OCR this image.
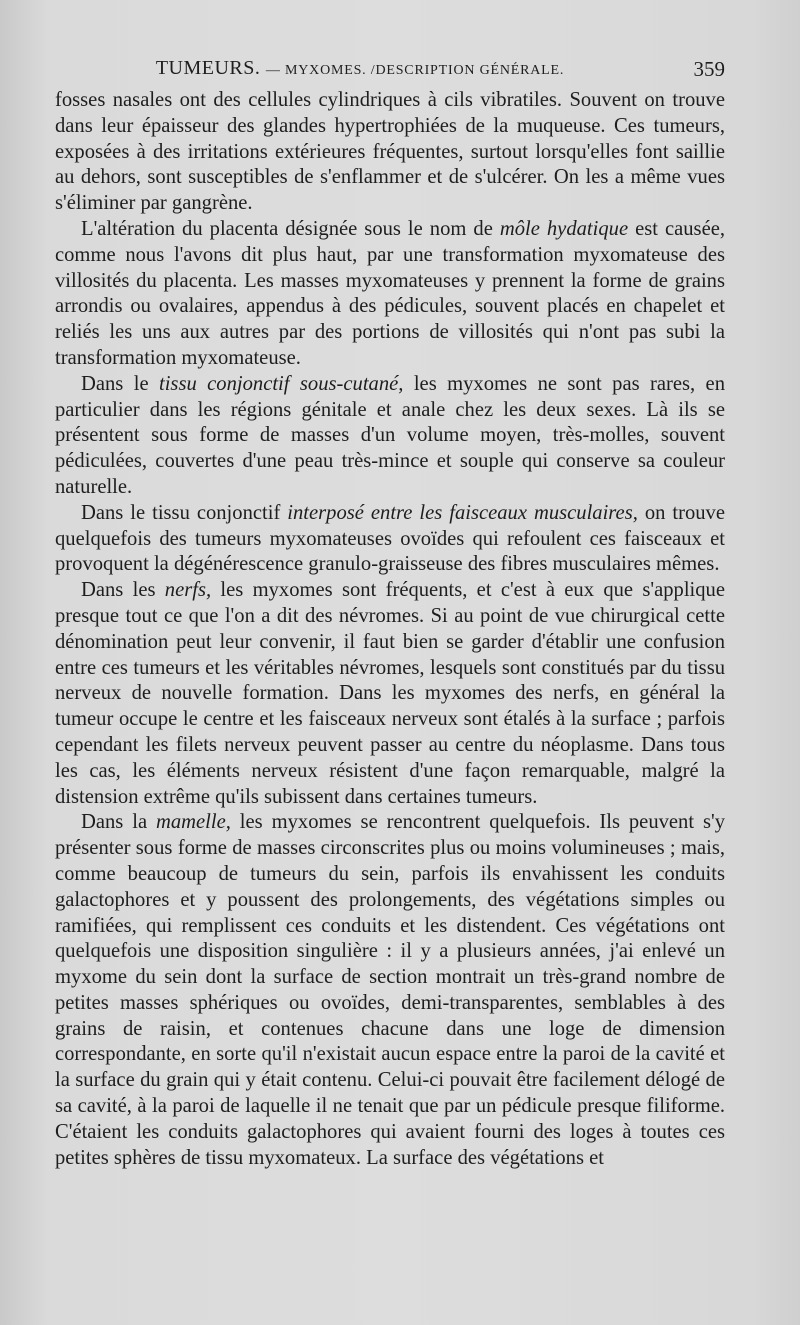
TUMEURS. — MYXOMES. /DESCRIPTION GÉNÉRALE.	359

fosses nasales ont des cellules cylindriques à cils vibratiles. Souvent on trouve dans leur épaisseur des glandes hypertrophiées de la muqueuse. Ces tumeurs, exposées à des irritations extérieures fréquentes, surtout lorsqu'elles font saillie au dehors, sont susceptibles de s'enflammer et de s'ulcérer. On les a même vues s'éliminer par gangrène.

L'altération du placenta désignée sous le nom de môle hydatique est causée, comme nous l'avons dit plus haut, par une transformation myxomateuse des villosités du placenta. Les masses myxomateuses y prennent la forme de grains arrondis ou ovalaires, appendus à des pédicules, souvent placés en chapelet et reliés les uns aux autres par des portions de villosités qui n'ont pas subi la transformation myxomateuse.

Dans le tissu conjonctif sous-cutané, les myxomes ne sont pas rares, en particulier dans les régions génitale et anale chez les deux sexes. Là ils se présentent sous forme de masses d'un volume moyen, très-molles, souvent pédiculées, couvertes d'une peau très-mince et souple qui conserve sa couleur naturelle.

Dans le tissu conjonctif interposé entre les faisceaux musculaires, on trouve quelquefois des tumeurs myxomateuses ovoïdes qui refoulent ces faisceaux et provoquent la dégénérescence granulo-graisseuse des fibres musculaires mêmes.

Dans les nerfs, les myxomes sont fréquents, et c'est à eux que s'applique presque tout ce que l'on a dit des névromes. Si au point de vue chirurgical cette dénomination peut leur convenir, il faut bien se garder d'établir une confusion entre ces tumeurs et les véritables névromes, lesquels sont constitués par du tissu nerveux de nouvelle formation. Dans les myxomes des nerfs, en général la tumeur occupe le centre et les faisceaux nerveux sont étalés à la surface ; parfois cependant les filets nerveux peuvent passer au centre du néoplasme. Dans tous les cas, les éléments nerveux résistent d'une façon remarquable, malgré la distension extrême qu'ils subissent dans certaines tumeurs.

Dans la mamelle, les myxomes se rencontrent quelquefois. Ils peuvent s'y présenter sous forme de masses circonscrites plus ou moins volumineuses ; mais, comme beaucoup de tumeurs du sein, parfois ils envahissent les conduits galactophores et y poussent des prolongements, des végétations simples ou ramifiées, qui remplissent ces conduits et les distendent. Ces végétations ont quelquefois une disposition singulière : il y a plusieurs années, j'ai enlevé un myxome du sein dont la surface de section montrait un très-grand nombre de petites masses sphériques ou ovoïdes, demi-transparentes, semblables à des grains de raisin, et contenues chacune dans une loge de dimension correspondante, en sorte qu'il n'existait aucun espace entre la paroi de la cavité et la surface du grain qui y était contenu. Celui-ci pouvait être facilement délogé de sa cavité, à la paroi de laquelle il ne tenait que par un pédicule presque filiforme. C'étaient les conduits galactophores qui avaient fourni des loges à toutes ces petites sphères de tissu myxomateux. La surface des végétations et
